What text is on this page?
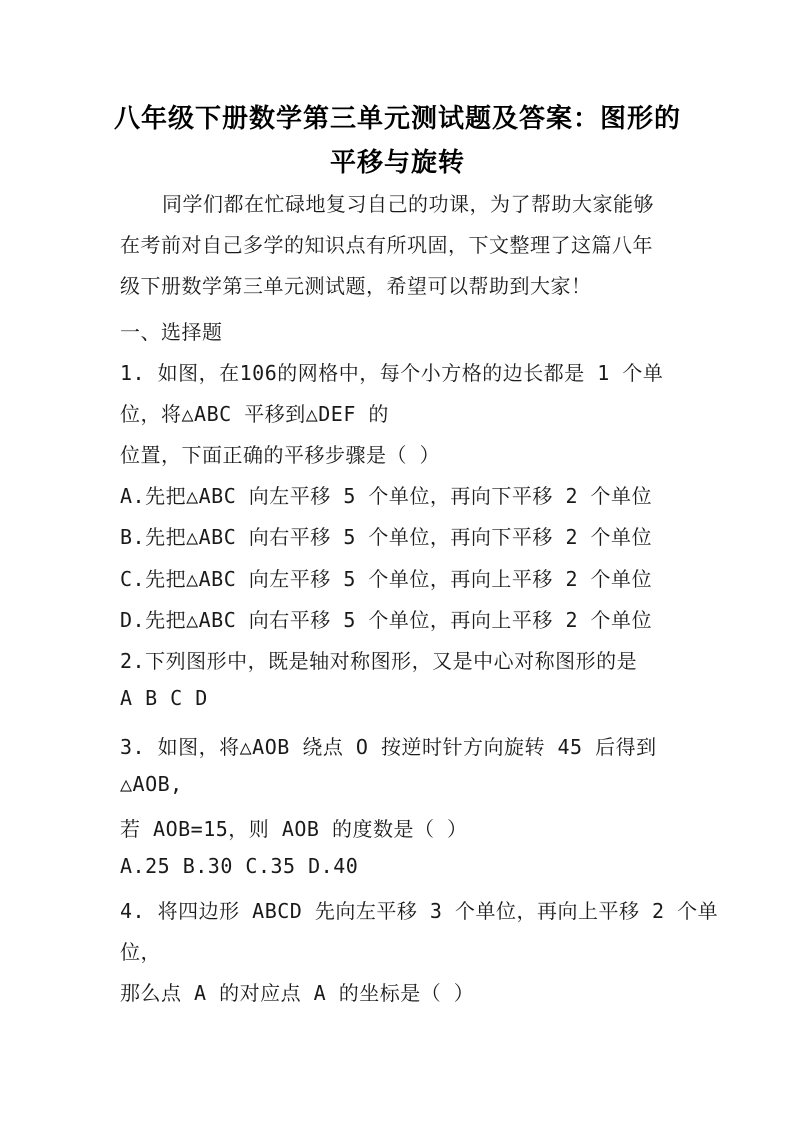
八年级下册数学第三单元测试题及答案：图形的
平移与旋转
同学们都在忙碌地复习自己的功课，为了帮助大家能够
在考前对自己多学的知识点有所巩固，下文整理了这篇八年
级下册数学第三单元测试题，希望可以帮助到大家！
一、选择题
1. 如图，在106的网格中，每个小方格的边长都是 1 个单
位，将△ABC 平移到△DEF 的
位置，下面正确的平移步骤是（ ）
A.先把△ABC 向左平移 5 个单位，再向下平移 2 个单位
B.先把△ABC 向右平移 5 个单位，再向下平移 2 个单位
C.先把△ABC 向左平移 5 个单位，再向上平移 2 个单位
D.先把△ABC 向右平移 5 个单位，再向上平移 2 个单位
2.下列图形中，既是轴对称图形，又是中心对称图形的是
A B C D
3. 如图，将△AOB 绕点 O 按逆时针方向旋转 45 后得到
△AOB,
若 AOB=15，则 AOB 的度数是（ ）
A.25 B.30 C.35 D.40
4. 将四边形 ABCD 先向左平移 3 个单位，再向上平移 2 个单
位，
那么点 A 的对应点 A 的坐标是（ ）
